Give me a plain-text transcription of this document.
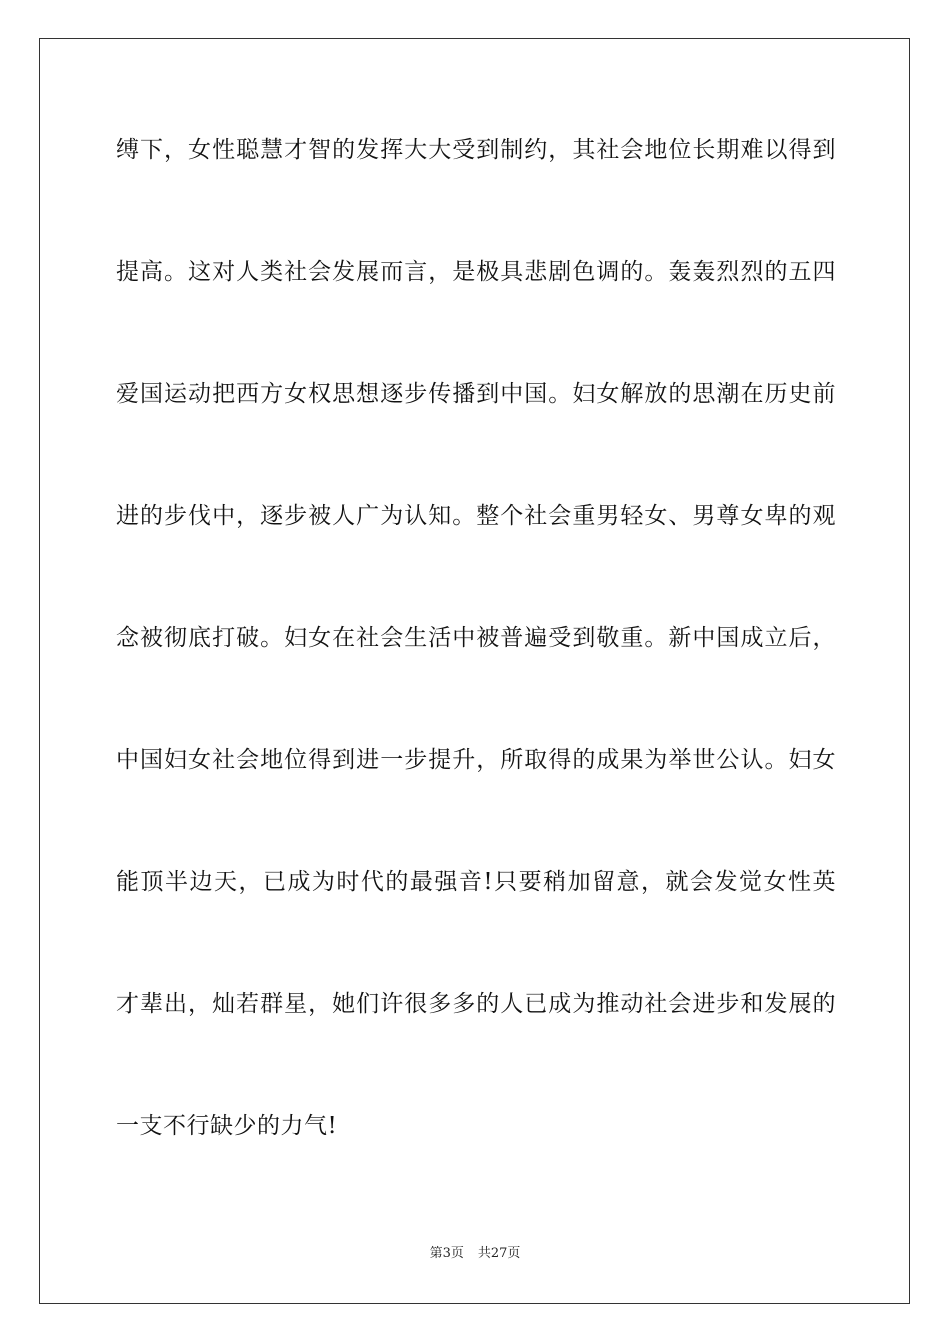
缚下，女性聪慧才智的发挥大大受到制约，其社会地位长期难以得到
提高。这对人类社会发展而言，是极具悲剧色调的。轰轰烈烈的五四
爱国运动把西方女权思想逐步传播到中国。妇女解放的思潮在历史前
进的步伐中，逐步被人广为认知。整个社会重男轻女、男尊女卑的观
念被彻底打破。妇女在社会生活中被普遍受到敬重。新中国成立后，
中国妇女社会地位得到进一步提升，所取得的成果为举世公认。妇女
能顶半边天，已成为时代的最强音!只要稍加留意，就会发觉女性英
才辈出，灿若群星，她们许很多多的人已成为推动社会进步和发展的
一支不行缺少的力气!
第3页 共27页
